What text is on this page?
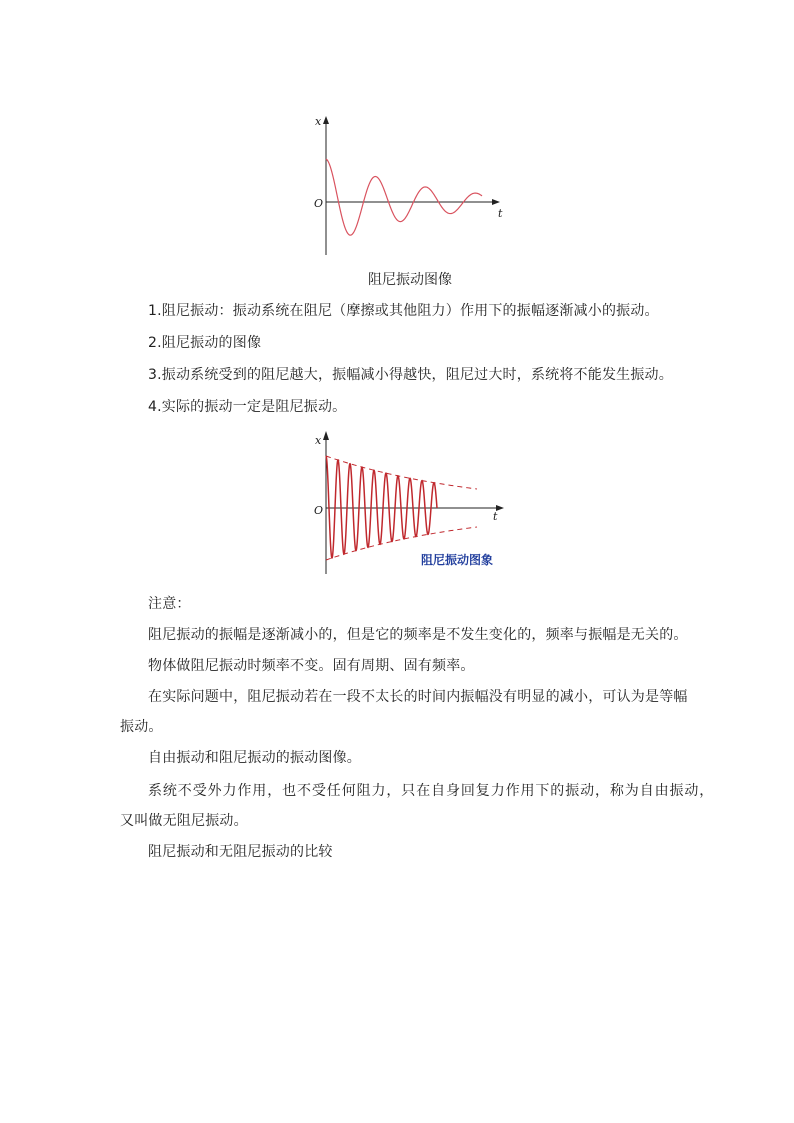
x
t
O
阻尼振动图像
1.阻尼振动：振动系统在阻尼（摩擦或其他阻力）作用下的振幅逐渐减小的振动。
2.阻尼振动的图像
3.振动系统受到的阻尼越大，振幅减小得越快，阻尼过大时，系统将不能发生振动。
4.实际的振动一定是阻尼振动。
x
t
O
阻尼振动图象
注意：
阻尼振动的振幅是逐渐减小的，但是它的频率是不发生变化的，频率与振幅是无关的。
物体做阻尼振动时频率不变。固有周期、固有频率。
在实际问题中，阻尼振动若在一段不太长的时间内振幅没有明显的减小，可认为是等幅
振动。
自由振动和阻尼振动的振动图像。
系统不受外力作用，也不受任何阻力，只在自身回复力作用下的振动，称为自由振动，
又叫做无阻尼振动。
阻尼振动和无阻尼振动的比较
